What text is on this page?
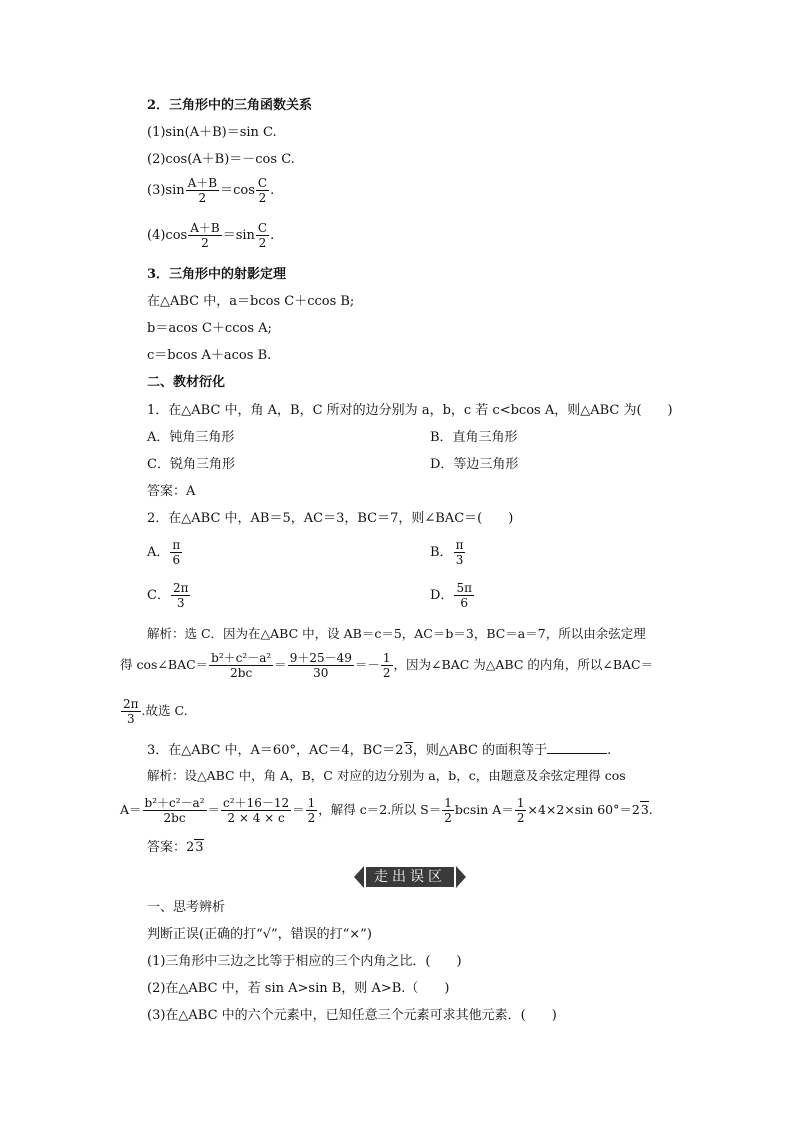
2．三角形中的三角函数关系
(1)sin(A＋B)＝sin C.
(2)cos(A＋B)＝－cos C.
$(3)\sin \frac{A+B}{2} =\cos \frac{C}{2}$ .
$(4)\cos \frac{A+B}{2} =\sin \frac{C}{2}$ .
3．三角形中的射影定理
在△ABC 中，a＝bcos C＋ccos B;
b＝acos C＋ccos A;
c＝bcos A＋acos B.
二、教材衍化
1．在△ABC 中，角 A，B，C 所对的边分别为 a，b，c 若 c<bcos A，则△ABC 为(　　)
A．钝角三角形	B．直角三角形
C．锐角三角形	D．等边三角形
答案：A
2．在△ABC 中，AB＝5，AC＝3，BC＝7，则∠BAC＝(　　)
A． $\frac{\pi}{6}$	B． $\frac{\pi}{3}$
C． $\frac{2\pi}{3}$	D． $\frac{5\pi}{6}$
解析：选 C．因为在△ABC 中，设 AB＝c＝5，AC＝b＝3，BC＝a＝7，所以由余弦定理
得 cos∠BAC＝ $\frac{\text{b²＋c²－a²}}{2bc} = \frac{9+25-49}{30} =- \frac{1}{2}$ ，因为∠BAC 为△ABC 的内角，所以∠BAC＝
$\frac{2\pi}{3}$ .故选 C.
3．在△ABC 中，A＝60°，AC＝4，BC＝23，则△ABC 的面积等于	.
解析：设△ABC 中，角 A，B，C 对应的边分别为 a，b，c，由题意及余弦定理得 cos
$A= \frac{\text{b²＋c²－a²}}{2bc} = \frac{\text{c²＋16－12}}{2 \times 4 \times c} = \frac{1}{2}$ ，解得 c＝2.所以 $S= \frac{1}{2}$ bcsin $A= \frac{1}{2} \times 4\times 2\times\sin$ 60°＝23.
答案：23
走出误区
一、思考辨析
判断正误(正确的打“√”，错误的打“×”)
(1)三角形中三边之比等于相应的三个内角之比．(　　)
(2)在△ABC 中，若 sin A>sin B，则 A>B.（　　)
(3)在△ABC 中的六个元素中，已知任意三个元素可求其他元素．(　　)
